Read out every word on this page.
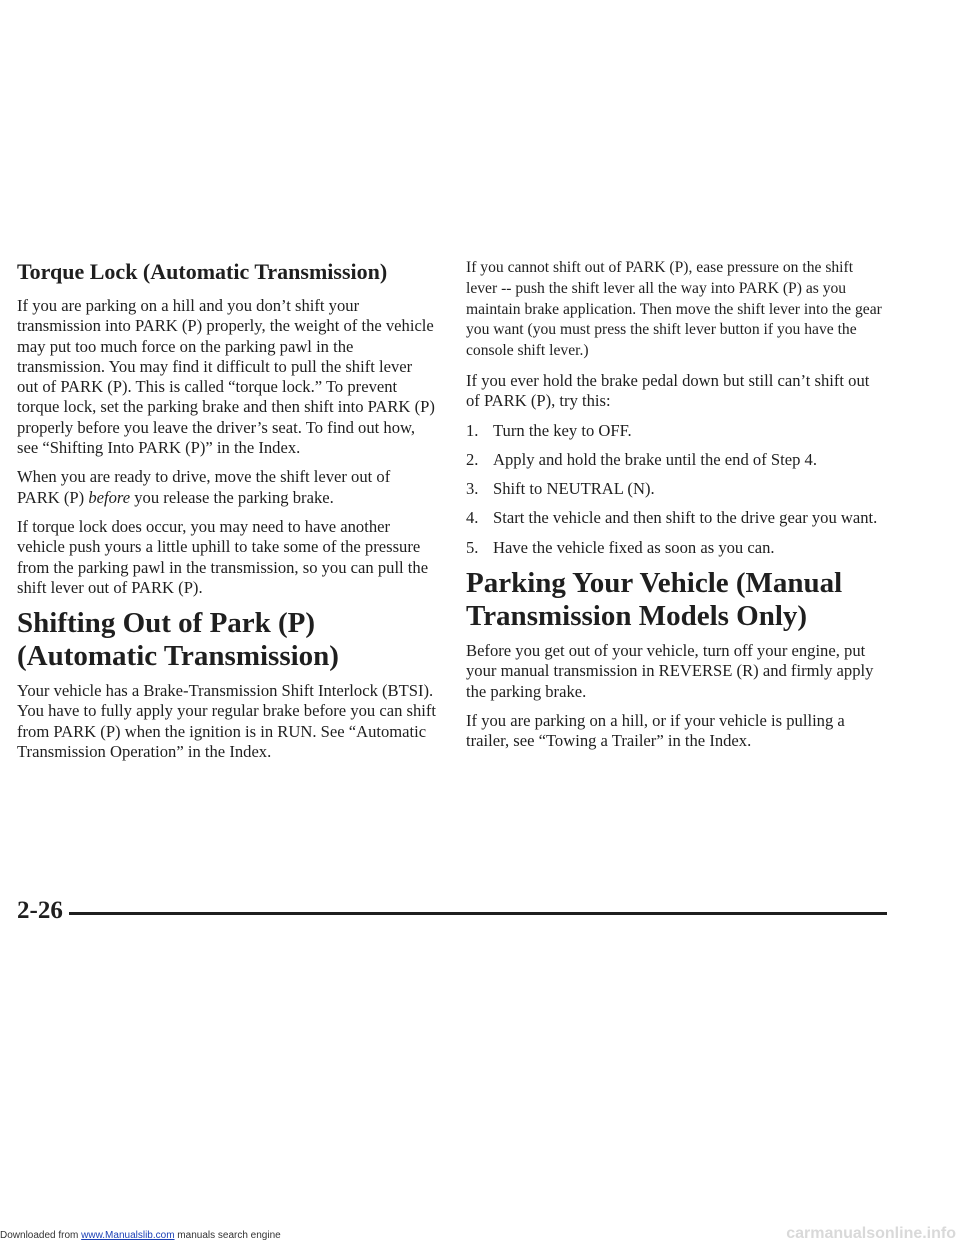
Torque Lock (Automatic Transmission)

If you are parking on a hill and you don’t shift your transmission into PARK (P) properly, the weight of the vehicle may put too much force on the parking pawl in the transmission. You may find it difficult to pull the shift lever out of PARK (P). This is called “torque lock.” To prevent torque lock, set the parking brake and then shift into PARK (P) properly before you leave the driver’s seat. To find out how, see “Shifting Into PARK (P)” in the Index.

When you are ready to drive, move the shift lever out of PARK (P) before you release the parking brake.

If torque lock does occur, you may need to have another vehicle push yours a little uphill to take some of the pressure from the parking pawl in the transmission, so you can pull the shift lever out of PARK (P).

Shifting Out of Park (P)
(Automatic Transmission)

Your vehicle has a Brake-Transmission Shift Interlock (BTSI). You have to fully apply your regular brake before you can shift from PARK (P) when the ignition is in RUN. See “Automatic Transmission Operation” in the Index.

If you cannot shift out of PARK (P), ease pressure on the shift lever -- push the shift lever all the way into PARK (P) as you maintain brake application. Then move the shift lever into the gear you want (you must press the shift lever button if you have the console shift lever.)

If you ever hold the brake pedal down but still can’t shift out of PARK (P), try this:

1. Turn the key to OFF.
2. Apply and hold the brake until the end of Step 4.
3. Shift to NEUTRAL (N).
4. Start the vehicle and then shift to the drive gear you want.
5. Have the vehicle fixed as soon as you can.
Parking Your Vehicle (Manual
Transmission Models Only)

Before you get out of your vehicle, turn off your engine, put your manual transmission in REVERSE (R) and firmly apply the parking brake.

If you are parking on a hill, or if your vehicle is pulling a trailer, see “Towing a Trailer” in the Index.

2-26
Downloaded from www.Manualslib.com manuals search engine	carmanualsonline.info
